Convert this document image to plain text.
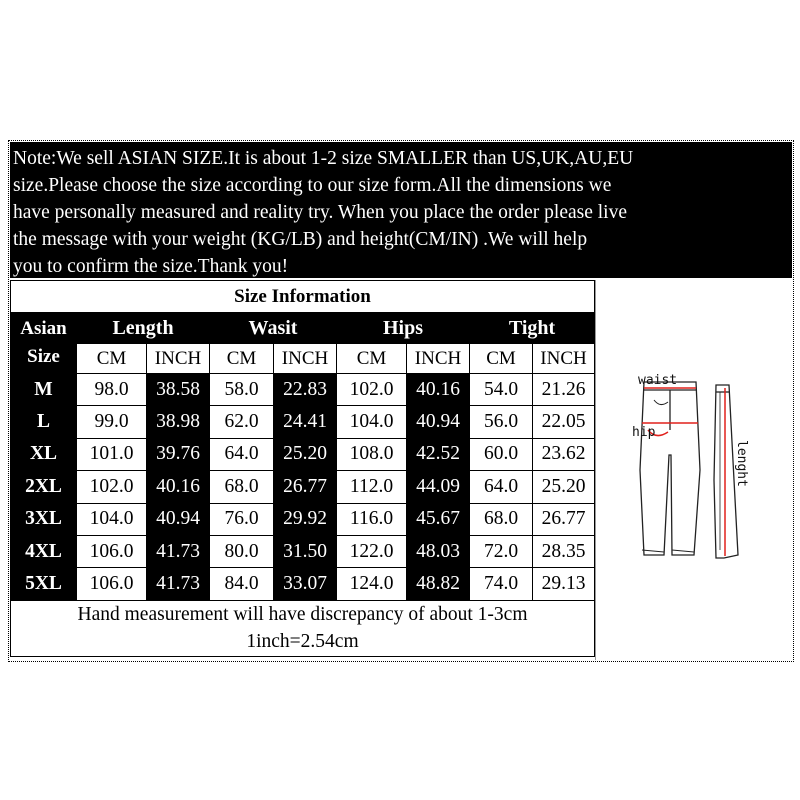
Note:We sell ASIAN SIZE.It is about 1-2 size SMALLER than US,UK,AU,EU
size.Please choose the size according to our size form.All the dimensions we
have personally measured and reality try. When you place the order please live
the message with your weight (KG/LB) and height(CM/IN) .We will help
you to confirm the size.Thank you!
Size Information								

Asian
Size	Length		Wasit		Hips		Tight	
	CM	INCH	CM	INCH	CM	INCH	CM	INCH
M	98.0	38.58	58.0	22.83	102.0	40.16	54.0	21.26
L	99.0	38.98	62.0	24.41	104.0	40.94	56.0	22.05
XL	101.0	39.76	64.0	25.20	108.0	42.52	60.0	23.62
2XL	102.0	40.16	68.0	26.77	112.0	44.09	64.0	25.20
3XL	104.0	40.94	76.0	29.92	116.0	45.67	68.0	26.77
4XL	106.0	41.73	80.0	31.50	122.0	48.03	72.0	28.35
5XL	106.0	41.73	84.0	33.07	124.0	48.82	74.0	29.13

Hand measurement will have discrepancy of about 1-3cm
1inch=2.54cm								
waist
hip
lenght
